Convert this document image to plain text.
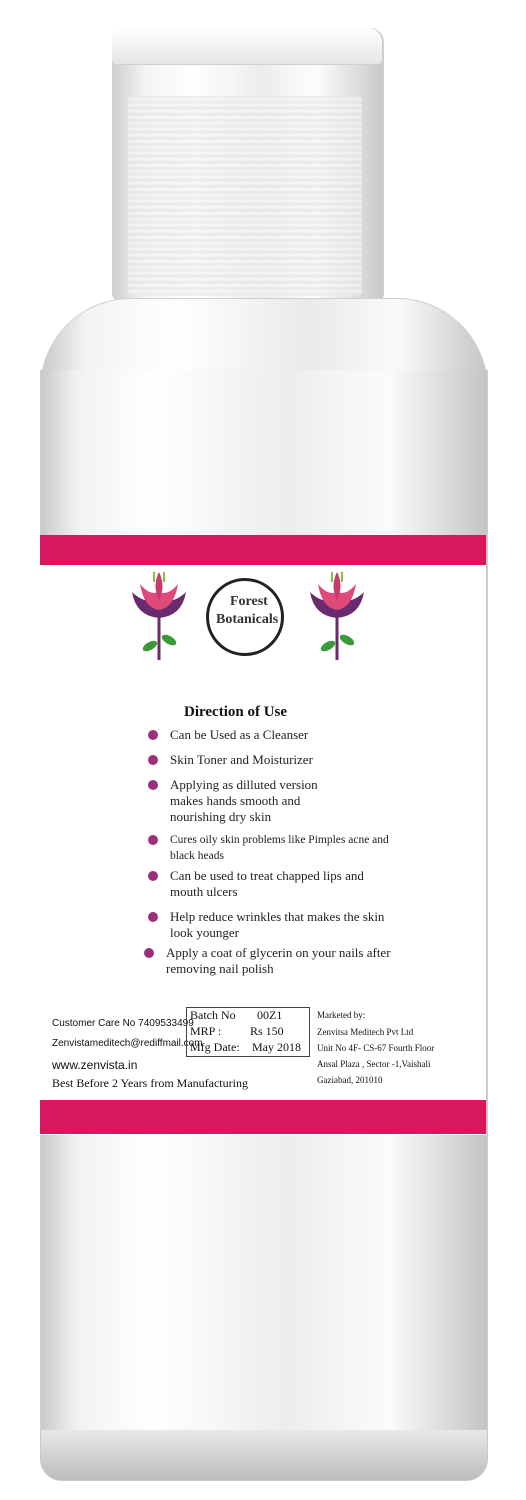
Forest
Botanicals
Direction of Use
Can be Used as a Cleanser
Skin Toner and Moisturizer
Applying as dilluted version makes hands smooth and nourishing dry skin
Cures oily skin problems like Pimples acne and black heads
Can be used to treat chapped lips and mouth ulcers
Help reduce wrinkles that makes the skin look younger
Apply a coat of glycerin on your nails after removing nail polish
Customer Care No 7409533499
Zenvistameditech@rediffmail.com
www.zenvista.in
Best Before 2 Years from Manufacturing
Batch No 00Z1
MRP : Rs 150
Mfg Date: May 2018
Marketed by:
Zenvitsa Meditech Pvt Ltd
Unit No 4F- CS-67 Fourth Floor
Ansal Plaza , Sector -1,Vaishali
Gaziabad, 201010
